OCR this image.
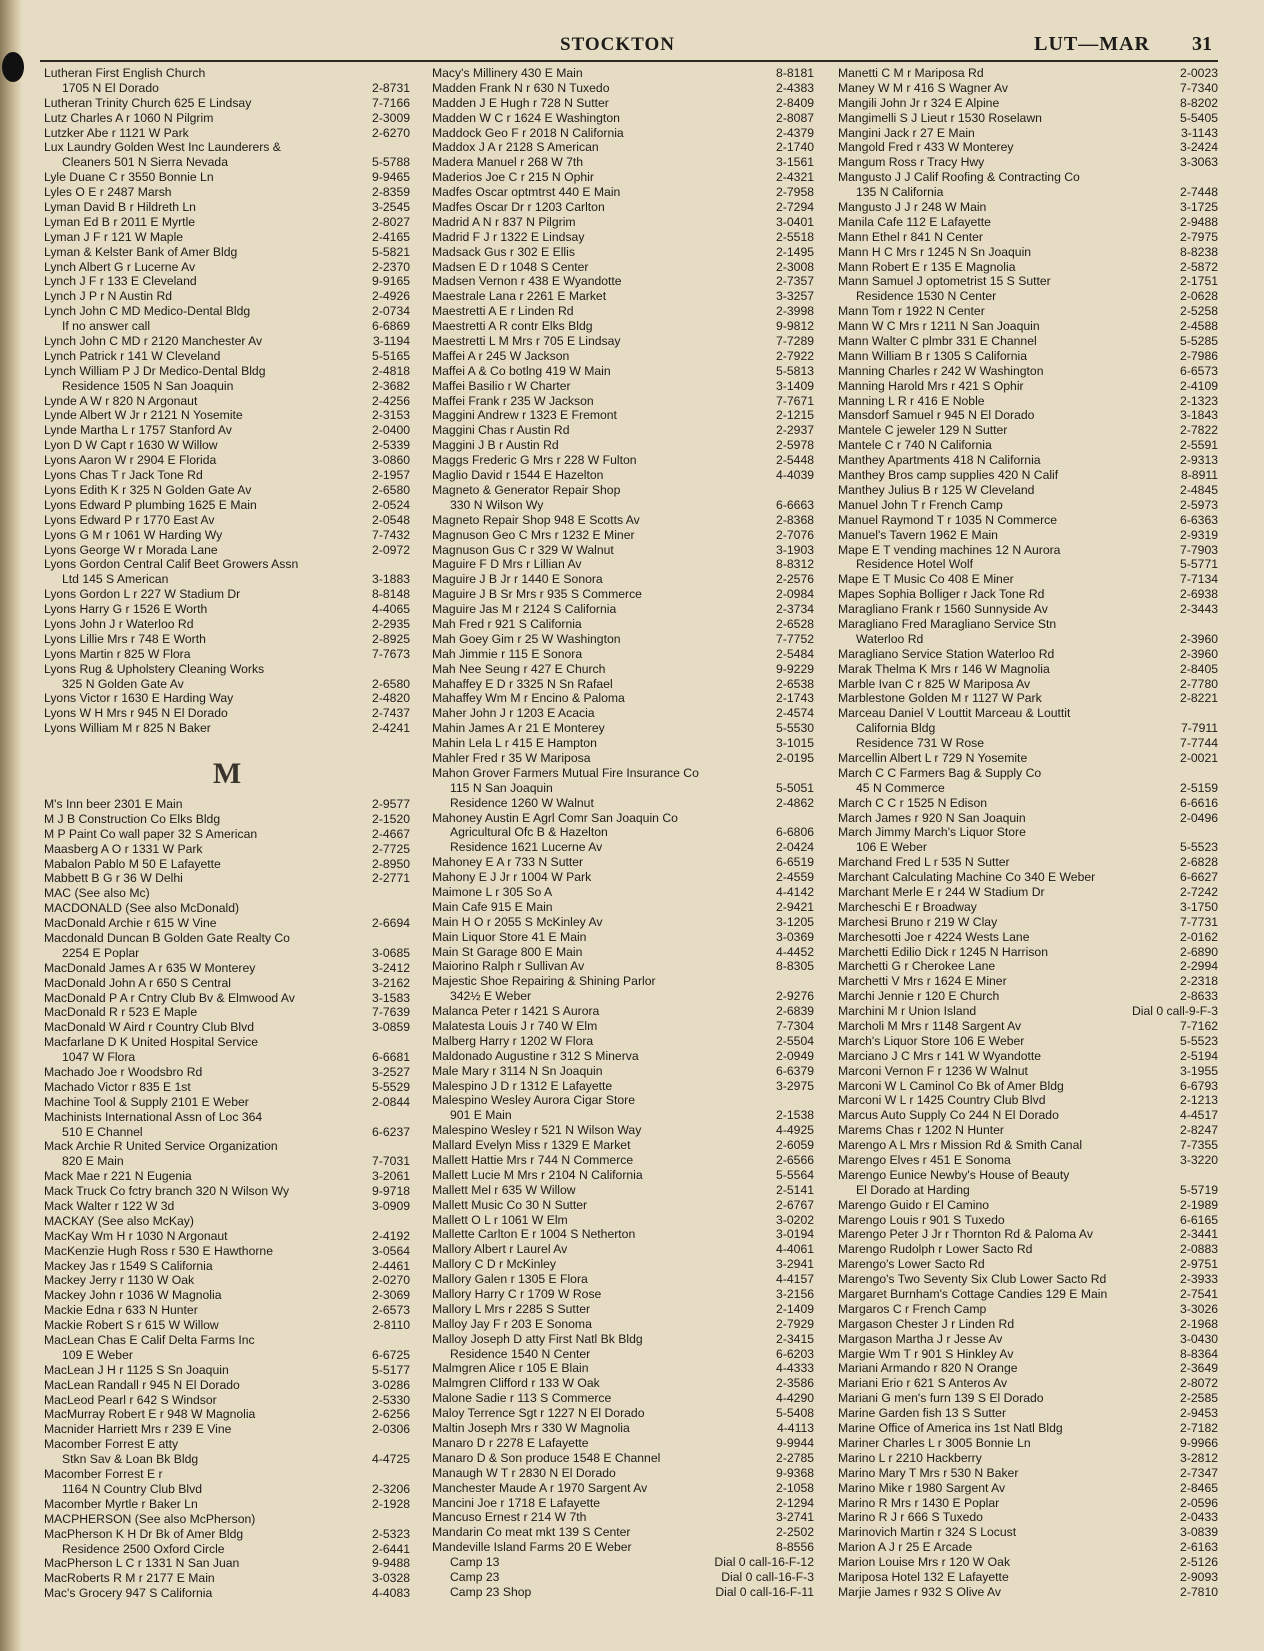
STOCKTON	LUT—MAR 31
Lutheran First English Church
1705 N El Dorado	2-8731
Lutheran Trinity Church 625 E Lindsay	7-7166
Lutz Charles A r 1060 N Pilgrim	2-3009
Lutzker Abe r 1121 W Park	2-6270
Lux Laundry Golden West Inc Launderers &
Cleaners 501 N Sierra Nevada	5-5788
Lyle Duane C r 3550 Bonnie Ln	9-9465
Lyles O E r 2487 Marsh	2-8359
Lyman David B r Hildreth Ln	3-2545
Lyman Ed B r 2011 E Myrtle	2-8027
Lyman J F r 121 W Maple	2-4165
Lyman & Kelster Bank of Amer Bldg	5-5821
Lynch Albert G r Lucerne Av	2-2370
Lynch J F r 133 E Cleveland	9-9165
Lynch J P r N Austin Rd	2-4926
Lynch John C MD Medico-Dental Bldg	2-0734
If no answer call	6-6869
Lynch John C MD r 2120 Manchester Av	3-1194
Lynch Patrick r 141 W Cleveland	5-5165
Lynch William P J Dr Medico-Dental Bldg	2-4818
Residence 1505 N San Joaquin	2-3682
Lynde A W r 820 N Argonaut	2-4256
Lynde Albert W Jr r 2121 N Yosemite	2-3153
Lynde Martha L r 1757 Stanford Av	2-0400
Lyon D W Capt r 1630 W Willow	2-5339
Lyons Aaron W r 2904 E Florida	3-0860
Lyons Chas T r Jack Tone Rd	2-1957
Lyons Edith K r 325 N Golden Gate Av	2-6580
Lyons Edward P plumbing 1625 E Main	2-0524
Lyons Edward P r 1770 East Av	2-0548
Lyons G M r 1061 W Harding Wy	7-7432
Lyons George W r Morada Lane	2-0972
Lyons Gordon Central Calif Beet Growers Assn
Ltd 145 S American	3-1883
Lyons Gordon L r 227 W Stadium Dr	8-8148
Lyons Harry G r 1526 E Worth	4-4065
Lyons John J r Waterloo Rd	2-2935
Lyons Lillie Mrs r 748 E Worth	2-8925
Lyons Martin r 825 W Flora	7-7673
Lyons Rug & Upholstery Cleaning Works
325 N Golden Gate Av	2-6580
Lyons Victor r 1630 E Harding Way	2-4820
Lyons W H Mrs r 945 N El Dorado	2-7437
Lyons William M r 825 N Baker	2-4241
M
M's Inn beer 2301 E Main	2-9577
M J B Construction Co Elks Bldg	2-1520
M P Paint Co wall paper 32 S American	2-4667
Maasberg A O r 1331 W Park	2-7725
Mabalon Pablo M 50 E Lafayette	2-8950
Mabbett B G r 36 W Delhi	2-2771
MAC (See also Mc)
MACDONALD (See also McDonald)
MacDonald Archie r 615 W Vine	2-6694
Macdonald Duncan B Golden Gate Realty Co
2254 E Poplar	3-0685
MacDonald James A r 635 W Monterey	3-2412
MacDonald John A r 650 S Central	3-2162
MacDonald P A r Cntry Club Bv & Elmwood Av	3-1583
MacDonald R r 523 E Maple	7-7639
MacDonald W Aird r Country Club Blvd	3-0859
Macfarlane D K United Hospital Service
1047 W Flora	6-6681
Machado Joe r Woodsbro Rd	3-2527
Machado Victor r 835 E 1st	5-5529
Machine Tool & Supply 2101 E Weber	2-0844
Machinists International Assn of Loc 364
510 E Channel	6-6237
Mack Archie R United Service Organization
820 E Main	7-7031
Mack Mae r 221 N Eugenia	3-2061
Mack Truck Co fctry branch 320 N Wilson Wy	9-9718
Mack Walter r 122 W 3d	3-0909
MACKAY (See also McKay)
MacKay Wm H r 1030 N Argonaut	2-4192
MacKenzie Hugh Ross r 530 E Hawthorne	3-0564
Mackey Jas r 1549 S California	2-4461
Mackey Jerry r 1130 W Oak	2-0270
Mackey John r 1036 W Magnolia	2-3069
Mackie Edna r 633 N Hunter	2-6573
Mackie Robert S r 615 W Willow	2-8110
MacLean Chas E Calif Delta Farms Inc
109 E Weber	6-6725
MacLean J H r 1125 S Sn Joaquin	5-5177
MacLean Randall r 945 N El Dorado	3-0286
MacLeod Pearl r 642 S Windsor	2-5330
MacMurray Robert E r 948 W Magnolia	2-6256
Macnider Harriett Mrs r 239 E Vine	2-0306
Macomber Forrest E atty
Stkn Sav & Loan Bk Bldg	4-4725
Macomber Forrest E r
1164 N Country Club Blvd	2-3206
Macomber Myrtle r Baker Ln	2-1928
MACPHERSON (See also McPherson)
MacPherson K H Dr Bk of Amer Bldg	2-5323
Residence 2500 Oxford Circle	2-6441
MacPherson L C r 1331 N San Juan	9-9488
MacRoberts R M r 2177 E Main	3-0328
Mac's Grocery 947 S California	4-4083
Macy's Millinery 430 E Main	8-8181
Madden Frank N r 630 N Tuxedo	2-4383
Madden J E Hugh r 728 N Sutter	2-8409
Madden W C r 1624 E Washington	2-8087
Maddock Geo F r 2018 N California	2-4379
Maddox J A r 2128 S American	2-1740
Madera Manuel r 268 W 7th	3-1561
Maderios Joe C r 215 N Ophir	2-4321
Madfes Oscar optmtrst 440 E Main	2-7958
Madfes Oscar Dr r 1203 Carlton	2-7294
Madrid A N r 837 N Pilgrim	3-0401
Madrid F J r 1322 E Lindsay	2-5518
Madsack Gus r 302 E Ellis	2-1495
Madsen E D r 1048 S Center	2-3008
Madsen Vernon r 438 E Wyandotte	2-7357
Maestrale Lana r 2261 E Market	3-3257
Maestretti A E r Linden Rd	2-3998
Maestretti A R contr Elks Bldg	9-9812
Maestretti L M Mrs r 705 E Lindsay	7-7289
Maffei A r 245 W Jackson	2-7922
Maffei A & Co botlng 419 W Main	5-5813
Maffei Basilio r W Charter	3-1409
Maffei Frank r 235 W Jackson	7-7671
Maggini Andrew r 1323 E Fremont	2-1215
Maggini Chas r Austin Rd	2-2937
Maggini J B r Austin Rd	2-5978
Maggs Frederic G Mrs r 228 W Fulton	2-5448
Maglio David r 1544 E Hazelton	4-4039
Magneto & Generator Repair Shop
330 N Wilson Wy	6-6663
Magneto Repair Shop 948 E Scotts Av	2-8368
Magnuson Geo C Mrs r 1232 E Miner	2-7076
Magnuson Gus C r 329 W Walnut	3-1903
Maguire F D Mrs r Lillian Av	8-8312
Maguire J B Jr r 1440 E Sonora	2-2576
Maguire J B Sr Mrs r 935 S Commerce	2-0984
Maguire Jas M r 2124 S California	2-3734
Mah Fred r 921 S California	2-6528
Mah Goey Gim r 25 W Washington	7-7752
Mah Jimmie r 115 E Sonora	2-5484
Mah Nee Seung r 427 E Church	9-9229
Mahaffey E D r 3325 N Sn Rafael	2-6538
Mahaffey Wm M r Encino & Paloma	2-1743
Maher John J r 1203 E Acacia	2-4574
Mahin James A r 21 E Monterey	5-5530
Mahin Lela L r 415 E Hampton	3-1015
Mahler Fred r 35 W Mariposa	2-0195
Mahon Grover Farmers Mutual Fire Insurance Co
115 N San Joaquin	5-5051
Residence 1260 W Walnut	2-4862
Mahoney Austin E Agrl Comr San Joaquin Co
Agricultural Ofc B & Hazelton	6-6806
Residence 1621 Lucerne Av	2-0424
Mahoney E A r 733 N Sutter	6-6519
Mahony E J Jr r 1004 W Park	2-4559
Maimone L r 305 So A	4-4142
Main Cafe 915 E Main	2-9421
Main H O r 2055 S McKinley Av	3-1205
Main Liquor Store 41 E Main	3-0369
Main St Garage 800 E Main	4-4452
Maiorino Ralph r Sullivan Av	8-8305
Majestic Shoe Repairing & Shining Parlor
342½ E Weber	2-9276
Malanca Peter r 1421 S Aurora	2-6839
Malatesta Louis J r 740 W Elm	7-7304
Malberg Harry r 1202 W Flora	2-5504
Maldonado Augustine r 312 S Minerva	2-0949
Male Mary r 3114 N Sn Joaquin	6-6379
Malespino J D r 1312 E Lafayette	3-2975
Malespino Wesley Aurora Cigar Store
901 E Main	2-1538
Malespino Wesley r 521 N Wilson Way	4-4925
Mallard Evelyn Miss r 1329 E Market	2-6059
Mallett Hattie Mrs r 744 N Commerce	2-6566
Mallett Lucie M Mrs r 2104 N California	5-5564
Mallett Mel r 635 W Willow	2-5141
Mallett Music Co 30 N Sutter	2-6767
Mallett O L r 1061 W Elm	3-0202
Mallette Carlton E r 1004 S Netherton	3-0194
Mallory Albert r Laurel Av	4-4061
Mallory C D r McKinley	3-2941
Mallory Galen r 1305 E Flora	4-4157
Mallory Harry C r 1709 W Rose	3-2156
Mallory L Mrs r 2285 S Sutter	2-1409
Malloy Jay F r 203 E Sonoma	2-7929
Malloy Joseph D atty First Natl Bk Bldg	2-3415
Residence 1540 N Center	6-6203
Malmgren Alice r 105 E Blain	4-4333
Malmgren Clifford r 133 W Oak	2-3586
Malone Sadie r 113 S Commerce	4-4290
Maloy Terrence Sgt r 1227 N El Dorado	5-5408
Maltin Joseph Mrs r 330 W Magnolia	4-4113
Manaro D r 2278 E Lafayette	9-9944
Manaro D & Son produce 1548 E Channel	2-2785
Manaugh W T r 2830 N El Dorado	9-9368
Manchester Maude A r 1970 Sargent Av	2-1058
Mancini Joe r 1718 E Lafayette	2-1294
Mancuso Ernest r 214 W 7th	3-2741
Mandarin Co meat mkt 139 S Center	2-2502
Mandeville Island Farms 20 E Weber	8-8556
Camp 13	Dial 0 call-16-F-12
Camp 23	Dial 0 call-16-F-3
Camp 23 Shop	Dial 0 call-16-F-11
Manetti C M r Mariposa Rd	2-0023
Maney W M r 416 S Wagner Av	7-7340
Mangili John Jr r 324 E Alpine	8-8202
Mangimelli S J Lieut r 1530 Roselawn	5-5405
Mangini Jack r 27 E Main	3-1143
Mangold Fred r 433 W Monterey	3-2424
Mangum Ross r Tracy Hwy	3-3063
Mangusto J J Calif Roofing & Contracting Co
135 N California	2-7448
Mangusto J J r 248 W Main	3-1725
Manila Cafe 112 E Lafayette	2-9488
Mann Ethel r 841 N Center	2-7975
Mann H C Mrs r 1245 N Sn Joaquin	8-8238
Mann Robert E r 135 E Magnolia	2-5872
Mann Samuel J optometrist 15 S Sutter	2-1751
Residence 1530 N Center	2-0628
Mann Tom r 1922 N Center	2-5258
Mann W C Mrs r 1211 N San Joaquin	2-4588
Mann Walter C plmbr 331 E Channel	5-5285
Mann William B r 1305 S California	2-7986
Manning Charles r 242 W Washington	6-6573
Manning Harold Mrs r 421 S Ophir	2-4109
Manning L R r 416 E Noble	2-1323
Mansdorf Samuel r 945 N El Dorado	3-1843
Mantele C jeweler 129 N Sutter	2-7822
Mantele C r 740 N California	2-5591
Manthey Apartments 418 N California	2-9313
Manthey Bros camp supplies 420 N Calif	8-8911
Manthey Julius B r 125 W Cleveland	2-4845
Manuel John T r French Camp	2-5973
Manuel Raymond T r 1035 N Commerce	6-6363
Manuel's Tavern 1962 E Main	2-9319
Mape E T vending machines 12 N Aurora	7-7903
Residence Hotel Wolf	5-5771
Mape E T Music Co 408 E Miner	7-7134
Mapes Sophia Bolliger r Jack Tone Rd	2-6938
Maragliano Frank r 1560 Sunnyside Av	2-3443
Maragliano Fred Maragliano Service Stn
Waterloo Rd	2-3960
Maragliano Service Station Waterloo Rd	2-3960
Marak Thelma K Mrs r 146 W Magnolia	2-8405
Marble Ivan C r 825 W Mariposa Av	2-7780
Marblestone Golden M r 1127 W Park	2-8221
Marceau Daniel V Louttit Marceau & Louttit
California Bldg	7-7911
Residence 731 W Rose	7-7744
Marcellin Albert L r 729 N Yosemite	2-0021
March C C Farmers Bag & Supply Co
45 N Commerce	2-5159
March C C r 1525 N Edison	6-6616
March James r 920 N San Joaquin	2-0496
March Jimmy March's Liquor Store
106 E Weber	5-5523
Marchand Fred L r 535 N Sutter	2-6828
Marchant Calculating Machine Co 340 E Weber	6-6627
Marchant Merle E r 244 W Stadium Dr	2-7242
Marcheschi E r Broadway	3-1750
Marchesi Bruno r 219 W Clay	7-7731
Marchesotti Joe r 4224 Wests Lane	2-0162
Marchetti Edilio Dick r 1245 N Harrison	2-6890
Marchetti G r Cherokee Lane	2-2994
Marchetti V Mrs r 1624 E Miner	2-2318
Marchi Jennie r 120 E Church	2-8633
Marchini M r Union Island	Dial 0 call-9-F-3
Marcholi M Mrs r 1148 Sargent Av	7-7162
March's Liquor Store 106 E Weber	5-5523
Marciano J C Mrs r 141 W Wyandotte	2-5194
Marconi Vernon F r 1236 W Walnut	3-1955
Marconi W L Caminol Co Bk of Amer Bldg	6-6793
Marconi W L r 1425 Country Club Blvd	2-1213
Marcus Auto Supply Co 244 N El Dorado	4-4517
Marems Chas r 1202 N Hunter	2-8247
Marengo A L Mrs r Mission Rd & Smith Canal	7-7355
Marengo Elves r 451 E Sonoma	3-3220
Marengo Eunice Newby's House of Beauty
El Dorado at Harding	5-5719
Marengo Guido r El Camino	2-1989
Marengo Louis r 901 S Tuxedo	6-6165
Marengo Peter J Jr r Thornton Rd & Paloma Av	2-3441
Marengo Rudolph r Lower Sacto Rd	2-0883
Marengo's Lower Sacto Rd	2-9751
Marengo's Two Seventy Six Club Lower Sacto Rd	2-3933
Margaret Burnham's Cottage Candies 129 E Main	2-7541
Margaros C r French Camp	3-3026
Margason Chester J r Linden Rd	2-1968
Margason Martha J r Jesse Av	3-0430
Margie Wm T r 901 S Hinkley Av	8-8364
Mariani Armando r 820 N Orange	2-3649
Mariani Erio r 621 S Anteros Av	2-8072
Mariani G men's furn 139 S El Dorado	2-2585
Marine Garden fish 13 S Sutter	2-9453
Marine Office of America ins 1st Natl Bldg	2-7182
Mariner Charles L r 3005 Bonnie Ln	9-9966
Marino L r 2210 Hackberry	3-2812
Marino Mary T Mrs r 530 N Baker	2-7347
Marino Mike r 1980 Sargent Av	2-8465
Marino R Mrs r 1430 E Poplar	2-0596
Marino R J r 666 S Tuxedo	2-0433
Marinovich Martin r 324 S Locust	3-0839
Marion A J r 25 E Arcade	2-6163
Marion Louise Mrs r 120 W Oak	2-5126
Mariposa Hotel 132 E Lafayette	2-9093
Marjie James r 932 S Olive Av	2-7810
